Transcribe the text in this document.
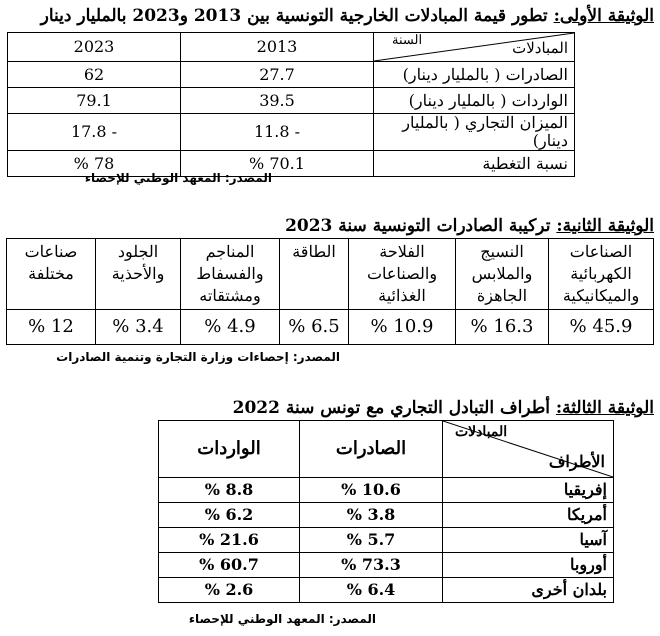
الوثيقة الأولى: تطور قيمة المبادلات الخارجية التونسية بين 2013 و2023 بالمليار دينار
المبادلات
السنة	2013	2023
الصادرات ( بالمليار دينار)	27.7	62
الواردات ( بالمليار دينار)	39.5	79.1
الميزان التجاري ( بالمليار دينار)	11.8 -	17.8 -
نسبة التغطية	% 70.1	% 78
المصدر: المعهد الوطني للإحصاء
الوثيقة الثانية: تركيبة الصادرات التونسية سنة 2023
الصناعات الكهربائية والميكانيكية	النسيج والملابس الجاهزة	الفلاحة والصناعات الغذائية	الطاقة	المناجم والفسفاط ومشتقاته	الجلود والأحذية	صناعات مختلفة
45.9 %	16.3 %	10.9 %	6.5 %	4.9 %	3.4 %	12 %
المصدر: إحصاءات وزارة التجارة وتنمية الصادرات
الوثيقة الثالثة: أطراف التبادل التجاري مع تونس سنة 2022
المبادلات
الأطراف	الصادرات	الواردات
إفريقيا	10.6 %	8.8 %
أمريكا	3.8 %	6.2 %
آسيا	5.7 %	21.6 %
أوروبا	73.3 %	60.7 %
بلدان أخرى	6.4 %	2.6 %
المصدر: المعهد الوطني للإحصاء
